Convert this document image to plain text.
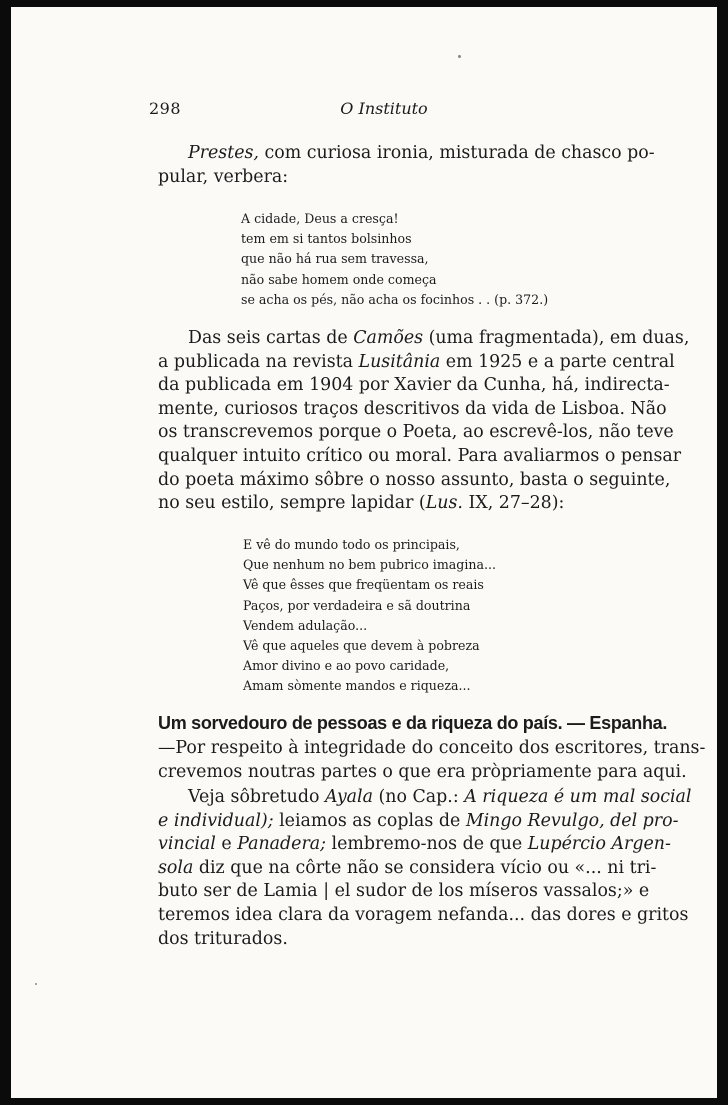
298	O Instituto
Prestes, com curiosa ironia, misturada de chasco po-
pular, verbera:
A cidade, Deus a cresça!
tem em si tantos bolsinhos
que não há rua sem travessa,
não sabe homem onde começa
se acha os pés, não acha os focinhos . . (p. 372.)
Das seis cartas de Camões (uma fragmentada), em duas,
a publicada na revista Lusitânia em 1925 e a parte central
da publicada em 1904 por Xavier da Cunha, há, indirecta-
mente, curiosos traços descritivos da vida de Lisboa. Não
os transcrevemos porque o Poeta, ao escrevê-los, não teve
qualquer intuito crítico ou moral. Para avaliarmos o pensar
do poeta máximo sôbre o nosso assunto, basta o seguinte,
no seu estilo, sempre lapidar (Lus. IX, 27–28):
E vê do mundo todo os principais,
Que nenhum no bem pubrico imagina...
Vê que êsses que freqüentam os reais
Paços, por verdadeira e sã doutrina
Vendem adulação...
Vê que aqueles que devem à pobreza
Amor divino e ao povo caridade,
Amam sòmente mandos e riqueza...
Um sorvedouro de pessoas e da riqueza do país. — Espanha.
—Por respeito à integridade do conceito dos escritores, trans-
crevemos noutras partes o que era pròpriamente para aqui.
Veja sôbretudo Ayala (no Cap.: A riqueza é um mal social
e individual); leiamos as coplas de Mingo Revulgo, del pro-
vincial e Panadera; lembremo-nos de que Lupércio Argen-
sola diz que na côrte não se considera vício ou «... ni tri-
buto ser de Lamia | el sudor de los míseros vassalos;» e
teremos idea clara da voragem nefanda... das dores e gritos
dos triturados.
